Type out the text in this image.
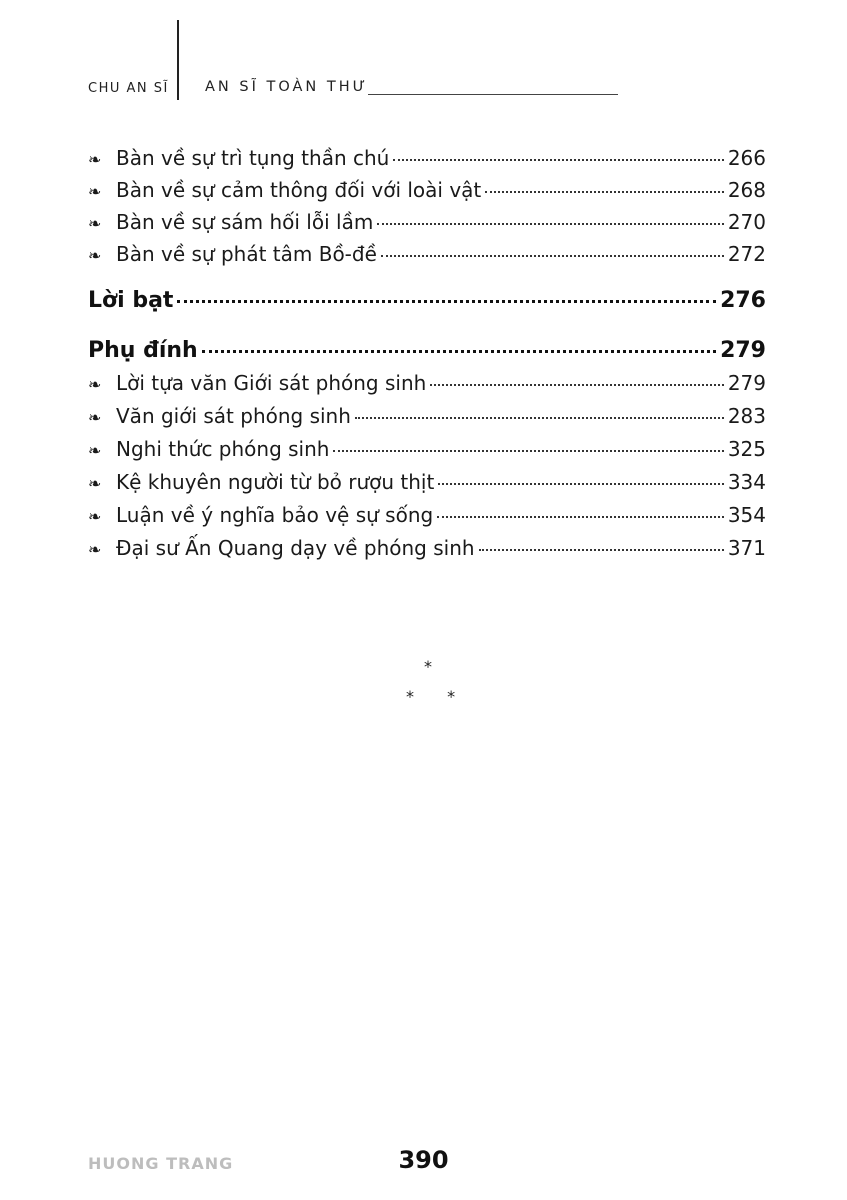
CHU AN SĨ AN SĨ TOÀN THƯ
❧ Bàn về sự trì tụng thần chú	266
❧ Bàn về sự cảm thông đối với loài vật	268
❧ Bàn về sự sám hối lỗi lầm	270
❧ Bàn về sự phát tâm Bồ-đề	272
Lời bạt	276
Phụ đính	279
❧ Lời tựa văn Giới sát phóng sinh	279
❧ Văn giới sát phóng sinh	283
❧ Nghi thức phóng sinh	325
❧ Kệ khuyên người từ bỏ rượu thịt	334
❧ Luận về ý nghĩa bảo vệ sự sống	354
❧ Đại sư Ấn Quang dạy về phóng sinh	371
*
* *
HUONG TRANG	390
